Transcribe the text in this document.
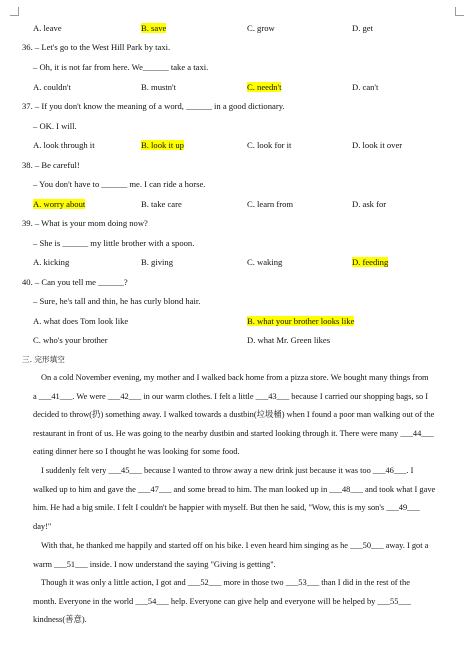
A. leave	B. save	C. grow	D. get
36. – Let's go to the West Hill Park by taxi.
– Oh, it is not far from here. We______ take a taxi.
A. couldn't	B. mustn't	C. needn't	D. can't
37. – If you don't know the meaning of a word, ______ in a good dictionary.
– OK. I will.
A. look through it	B. look it up	C. look for it	D. look it over
38. – Be careful!
– You don't have to ______ me. I can ride a horse.
A. worry about	B. take care	C. learn from	D. ask for
39. – What is your mom doing now?
– She is ______ my little brother with a spoon.
A. kicking	B. giving	C. waking	D. feeding
40. – Can you tell me ______?
– Sure, he's tall and thin, he has curly blond hair.
A. what does Tom look like	B. what your brother looks like
C. who's your brother	D. what Mr. Green likes
三. 完形填空
On a cold November evening, my mother and I walked back home from a pizza store. We bought many things from
a ___41___. We were ___42___ in our warm clothes. I felt a little ___43___ because I carried our shopping bags, so I
decided to throw(扔) something away. I walked towards a dustbin(垃圾桶) when I found a poor man walking out of the
restaurant in front of us. He was going to the nearby dustbin and started looking through it. There were many ___44___
eating dinner here so I thought he was looking for some food.
I suddenly felt very ___45___ because I wanted to throw away a new drink just because it was too ___46___. I
walked up to him and gave the ___47___ and some bread to him. The man looked up in ___48___ and took what I gave
him. He had a big smile. I felt I couldn't be happier with myself. But then he said, "Wow, this is my son's ___49___
day!"
With that, he thanked me happily and started off on his bike. I even heard him singing as he ___50___ away. I got a
warm ___51___ inside. I now understand the saying "Giving is getting".
Though it was only a little action, I got and ___52___ more in those two ___53___ than I did in the rest of the
month. Everyone in the world ___54___ help. Everyone can give help and everyone will be helped by ___55___
kindness(善意).
